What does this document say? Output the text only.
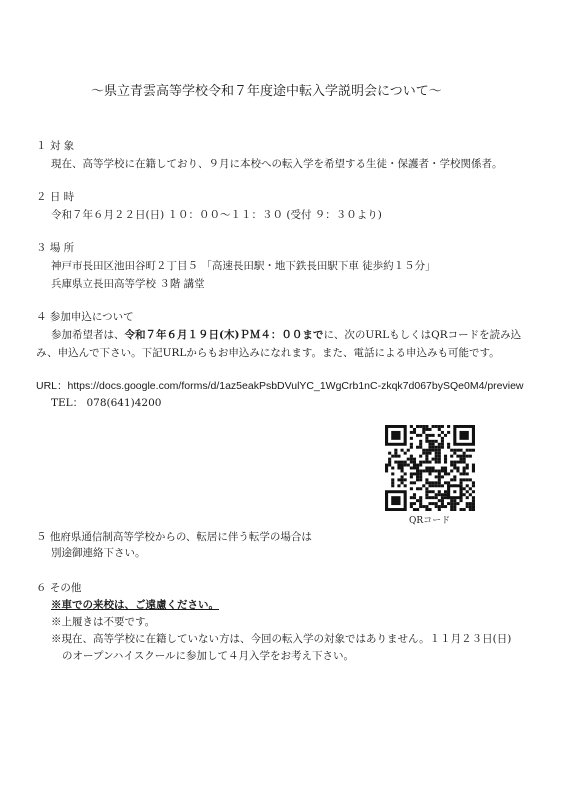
～県立青雲高等学校令和７年度途中転入学説明会について～
１ 対 象
現在、高等学校に在籍しており、９月に本校への転入学を希望する生徒・保護者・学校関係者。
２ 日 時
令和７年６月２２日(日) １０：００～１１：３０ (受付 ９：３０より)
３ 場 所
神戸市長田区池田谷町２丁目５ 「高速長田駅・地下鉄長田駅下車 徒歩約１５分」
兵庫県立長田高等学校 ３階 講堂
４ 参加申込について
参加希望者は、令和７年６月１９日(木)ＰＭ４：００までに、次のURLもしくはQRコードを読み込
み、申込んで下さい。下記URLからもお申込みになれます。また、電話による申込みも可能です。
URL：https://docs.google.com/forms/d/1az5eakPsbDVulYC_1WgCrb1nC-zkqk7d067bySQe0M4/preview
TEL： 078(641)4200
QRコード
５ 他府県通信制高等学校からの、転居に伴う転学の場合は
別途御連絡下さい。
６ その他
※車での来校は、ご遠慮ください。
※上履きは不要です。
※現在、高等学校に在籍していない方は、今回の転入学の対象ではありません。１１月２３日(日)
のオープンハイスクールに参加して４月入学をお考え下さい。
